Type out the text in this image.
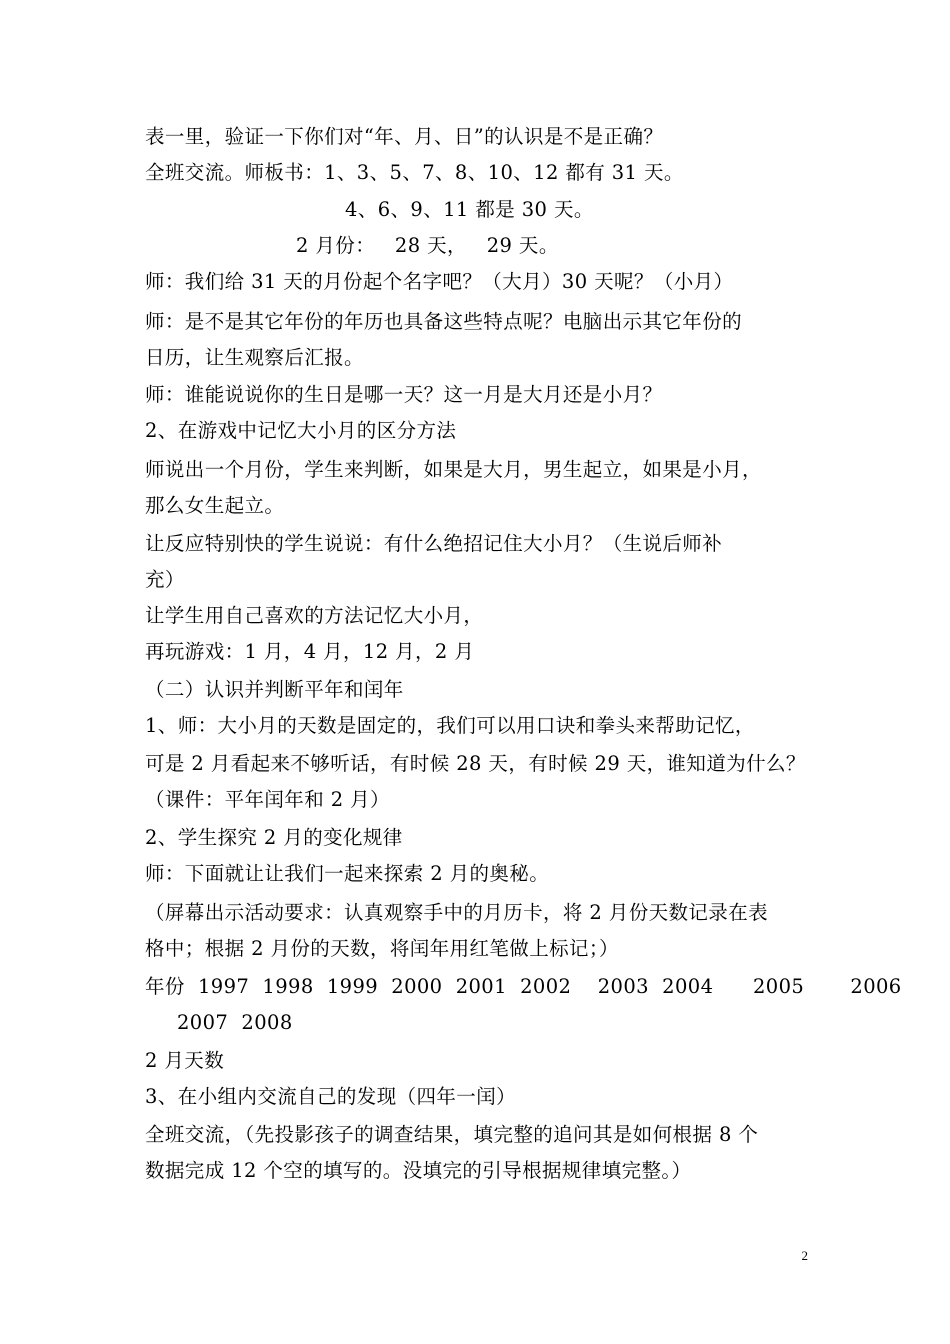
表一里，验证一下你们对“年、月、日”的认识是不是正确？
全班交流。师板书：1、3、5、7、8、10、12 都有 31 天。
4、6、9、11 都是 30 天。
2 月份：   28 天，   29 天。
师：我们给 31 天的月份起个名字吧？（大月）30 天呢？（小月）
师：是不是其它年份的年历也具备这些特点呢？电脑出示其它年份的
日历，让生观察后汇报。
师：谁能说说你的生日是哪一天？这一月是大月还是小月？
2、在游戏中记忆大小月的区分方法
师说出一个月份，学生来判断，如果是大月，男生起立，如果是小月，
那么女生起立。
让反应特别快的学生说说：有什么绝招记住大小月？（生说后师补
充）
让学生用自己喜欢的方法记忆大小月，
再玩游戏：1 月，4 月，12 月，2 月
（二）认识并判断平年和闰年
1、师：大小月的天数是固定的，我们可以用口诀和拳头来帮助记忆，
可是 2 月看起来不够听话，有时候 28 天，有时候 29 天，谁知道为什么？
（课件：平年闰年和 2 月）
2、学生探究 2 月的变化规律
师：下面就让让我们一起来探索 2 月的奥秘。
（屏幕出示活动要求：认真观察手中的月历卡，将 2 月份天数记录在表
格中；根据 2 月份的天数，将闰年用红笔做上标记；）
年份  1997  1998  1999  2000  2001  2002    2003  2004      2005       2006
2007  2008
2 月天数
3、在小组内交流自己的发现（四年一闰）
全班交流，（先投影孩子的调查结果，填完整的追问其是如何根据 8 个
数据完成 12 个空的填写的。没填完的引导根据规律填完整。）
2
